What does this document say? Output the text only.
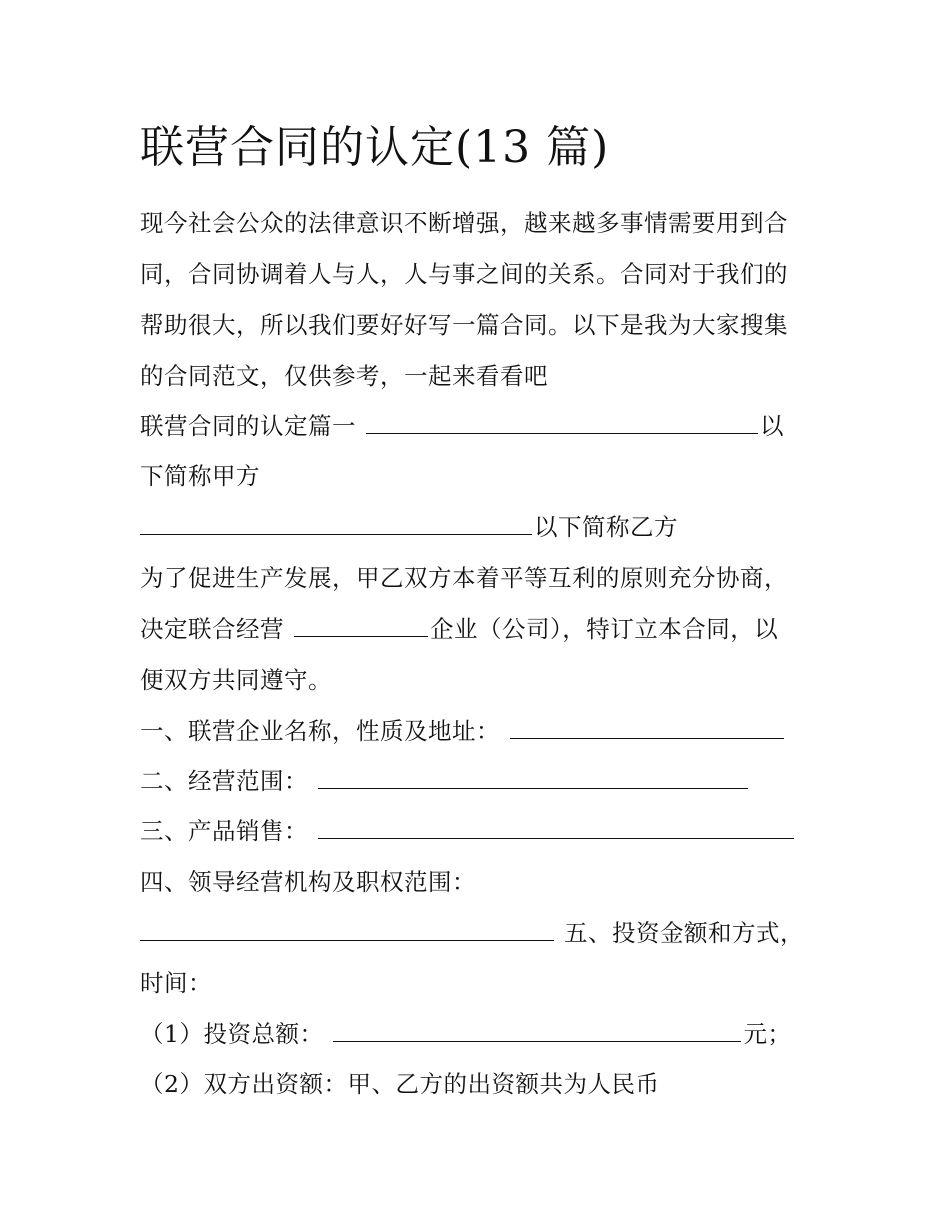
联营合同的认定(13 篇)

现今社会公众的法律意识不断增强，越来越多事情需要用到合

同，合同协调着人与人，人与事之间的关系。合同对于我们的

帮助很大，所以我们要好好写一篇合同。以下是我为大家搜集

的合同范文，仅供参考，一起来看看吧

联营合同的认定篇一	以

下简称甲方

以下简称乙方

为了促进生产发展，甲乙双方本着平等互利的原则充分协商，

决定联合经营	企业（公司），特订立本合同，以

便双方共同遵守。

一、联营企业名称，性质及地址：

二、经营范围：

三、产品销售：

四、领导经营机构及职权范围：

五、投资金额和方式，

时间：

（1）投资总额：	元；

（2）双方出资额：甲、乙方的出资额共为人民币
